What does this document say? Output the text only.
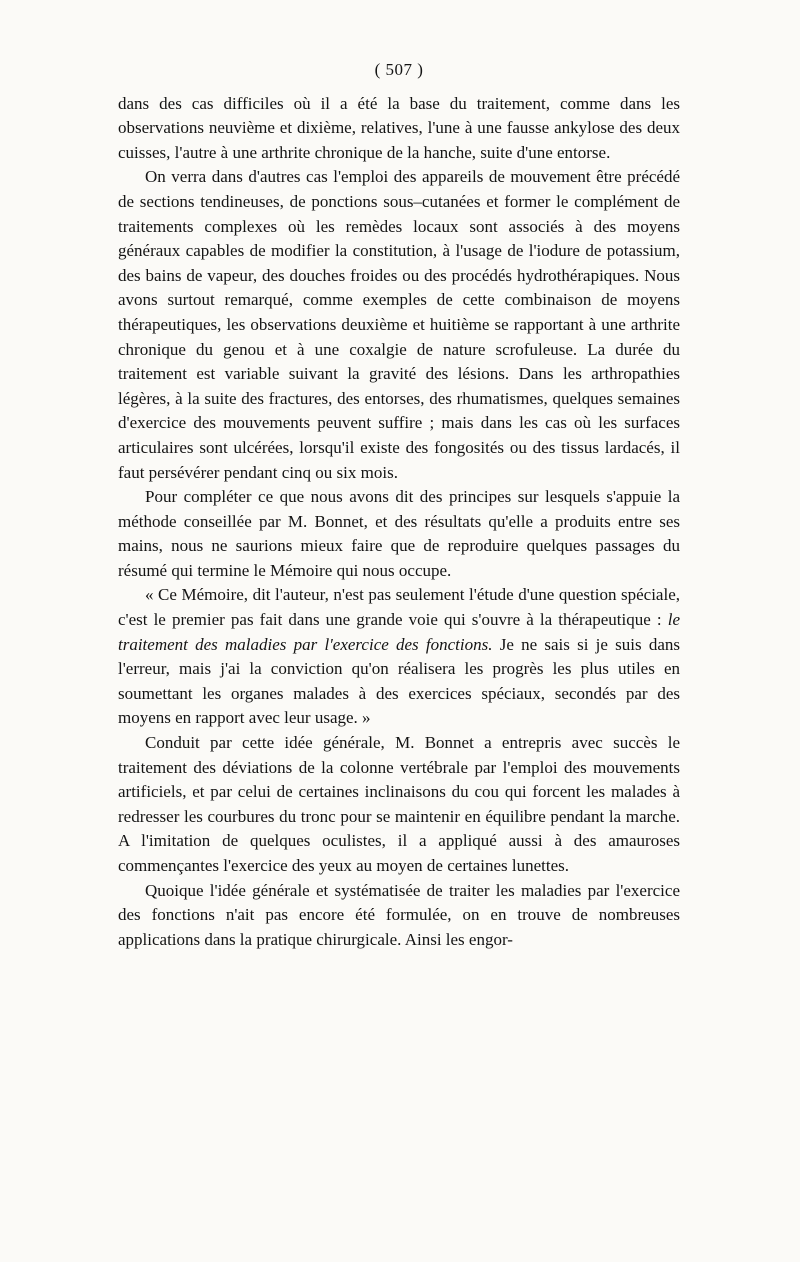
( 507 )

dans des cas difficiles où il a été la base du traitement, comme dans les observations neuvième et dixième, relatives, l'une à une fausse ankylose des deux cuisses, l'autre à une arthrite chronique de la hanche, suite d'une entorse.

On verra dans d'autres cas l'emploi des appareils de mouvement être précédé de sections tendineuses, de ponctions sous–cutanées et former le complément de traitements complexes où les remèdes locaux sont associés à des moyens généraux capables de modifier la constitution, à l'usage de l'iodure de potassium, des bains de vapeur, des douches froides ou des procédés hydrothérapiques. Nous avons surtout remarqué, comme exemples de cette combinaison de moyens thérapeutiques, les observations deuxième et huitième se rapportant à une arthrite chronique du genou et à une coxalgie de nature scrofuleuse. La durée du traitement est variable suivant la gravité des lésions. Dans les arthropathies légères, à la suite des fractures, des entorses, des rhumatismes, quelques semaines d'exercice des mouvements peuvent suffire ; mais dans les cas où les surfaces articulaires sont ulcérées, lorsqu'il existe des fongosités ou des tissus lardacés, il faut persévérer pendant cinq ou six mois.

Pour compléter ce que nous avons dit des principes sur lesquels s'appuie la méthode conseillée par M. Bonnet, et des résultats qu'elle a produits entre ses mains, nous ne saurions mieux faire que de reproduire quelques passages du résumé qui termine le Mémoire qui nous occupe.

« Ce Mémoire, dit l'auteur, n'est pas seulement l'étude d'une question spéciale, c'est le premier pas fait dans une grande voie qui s'ouvre à la thérapeutique : le traitement des maladies par l'exercice des fonctions. Je ne sais si je suis dans l'erreur, mais j'ai la conviction qu'on réalisera les progrès les plus utiles en soumettant les organes malades à des exercices spéciaux, secondés par des moyens en rapport avec leur usage. »

Conduit par cette idée générale, M. Bonnet a entrepris avec succès le traitement des déviations de la colonne vertébrale par l'emploi des mouvements artificiels, et par celui de certaines inclinaisons du cou qui forcent les malades à redresser les courbures du tronc pour se maintenir en équilibre pendant la marche. A l'imitation de quelques oculistes, il a appliqué aussi à des amauroses commençantes l'exercice des yeux au moyen de certaines lunettes.

Quoique l'idée générale et systématisée de traiter les maladies par l'exercice des fonctions n'ait pas encore été formulée, on en trouve de nombreuses applications dans la pratique chirurgicale. Ainsi les engor-
